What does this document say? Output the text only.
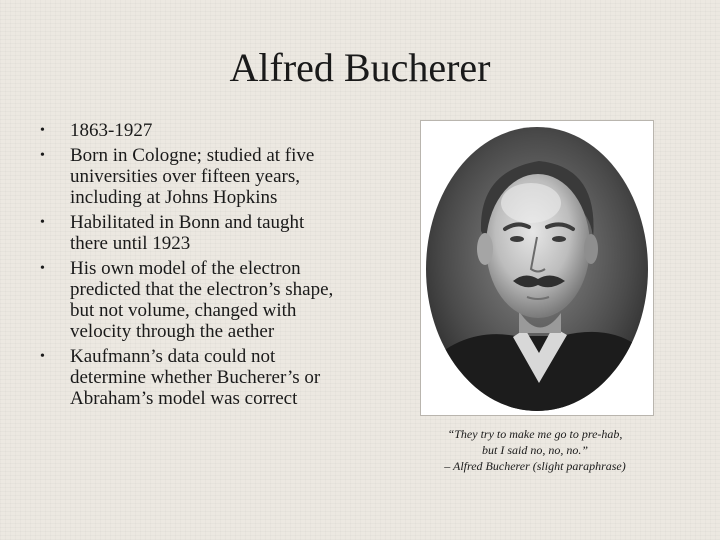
Alfred Bucherer
•	1863-1927
•	Born in Cologne; studied at five universities over fifteen years, including at Johns Hopkins
•	Habilitated in Bonn and taught there until 1923
•	His own model of the electron predicted that the electron’s shape, but not volume, changed with velocity through the aether
•	Kaufmann’s data could not determine whether Bucherer’s or Abraham’s model was correct
“They try to make me go to pre-hab,
but I said no, no, no.”
– Alfred Bucherer (slight paraphrase)
